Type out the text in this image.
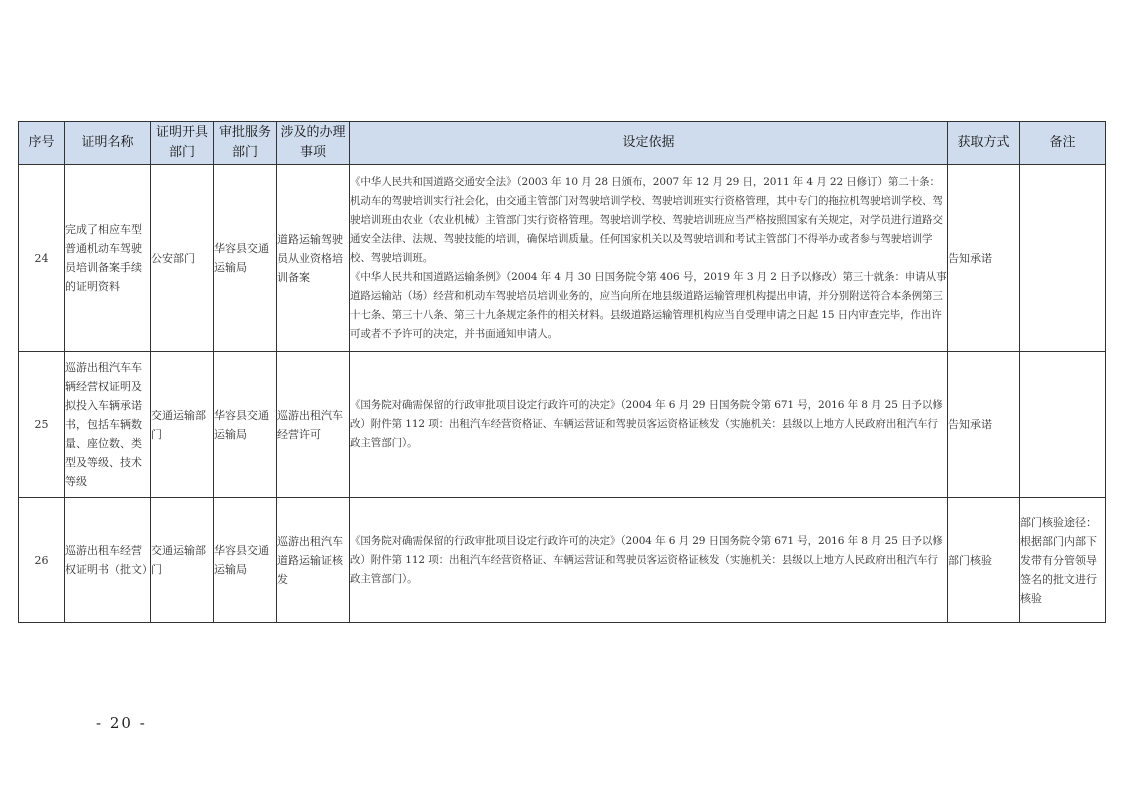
序号	证明名称	证明开具部门	审批服务部门	涉及的办理事项	设定依据	获取方式	备注
24	完成了相应车型普通机动车驾驶员培训备案手续的证明资料	公安部门	华容县交通运输局	道路运输驾驶员从业资格培训备案	《中华人民共和国道路交通安全法》（2003 年 10 月 28 日颁布，2007 年 12 月 29 日，2011 年 4 月 22 日修订）第二十条：机动车的驾驶培训实行社会化，由交通主管部门对驾驶培训学校、驾驶培训班实行资格管理，其中专门的拖拉机驾驶培训学校、驾驶培训班由农业（农业机械）主管部门实行资格管理。驾驶培训学校、驾驶培训班应当严格按照国家有关规定，对学员进行道路交通安全法律、法规、驾驶技能的培训，确保培训质量。任何国家机关以及驾驶培训和考试主管部门不得举办或者参与驾驶培训学校、驾驶培训班。
《中华人民共和国道路运输条例》（2004 年 4 月 30 日国务院令第 406 号，2019 年 3 月 2 日予以修改）第三十就条：申请从事道路运输站（场）经营和机动车驾驶培员培训业务的，应当向所在地县级道路运输管理机构提出申请，并分别附送符合本条例第三十七条、第三十八条、第三十九条规定条件的相关材料。县级道路运输管理机构应当自受理申请之日起 15 日内审查完毕，作出许可或者不予许可的决定，并书面通知申请人。	告知承诺	
25	巡游出租汽车车辆经营权证明及拟投入车辆承诺书，包括车辆数量、座位数、类型及等级、技术等级	交通运输部门	华容县交通运输局	巡游出租汽车经营许可	《国务院对确需保留的行政审批项目设定行政许可的决定》（2004 年 6 月 29 日国务院令第 671 号，2016 年 8 月 25 日予以修改）附件第 112 项：出租汽车经营资格证、车辆运营证和驾驶员客运资格证核发（实施机关：县级以上地方人民政府出租汽车行政主管部门）。	告知承诺	
26	巡游出租车经营权证明书（批文）	交通运输部门	华容县交通运输局	巡游出租汽车道路运输证核发	《国务院对确需保留的行政审批项目设定行政许可的决定》（2004 年 6 月 29 日国务院令第 671 号，2016 年 8 月 25 日予以修改）附件第 112 项：出租汽车经营资格证、车辆运营证和驾驶员客运资格证核发（实施机关：县级以上地方人民政府出租汽车行政主管部门）。	部门核验	部门核验途径：根据部门内部下发带有分管领导签名的批文进行核验
- 20 -
